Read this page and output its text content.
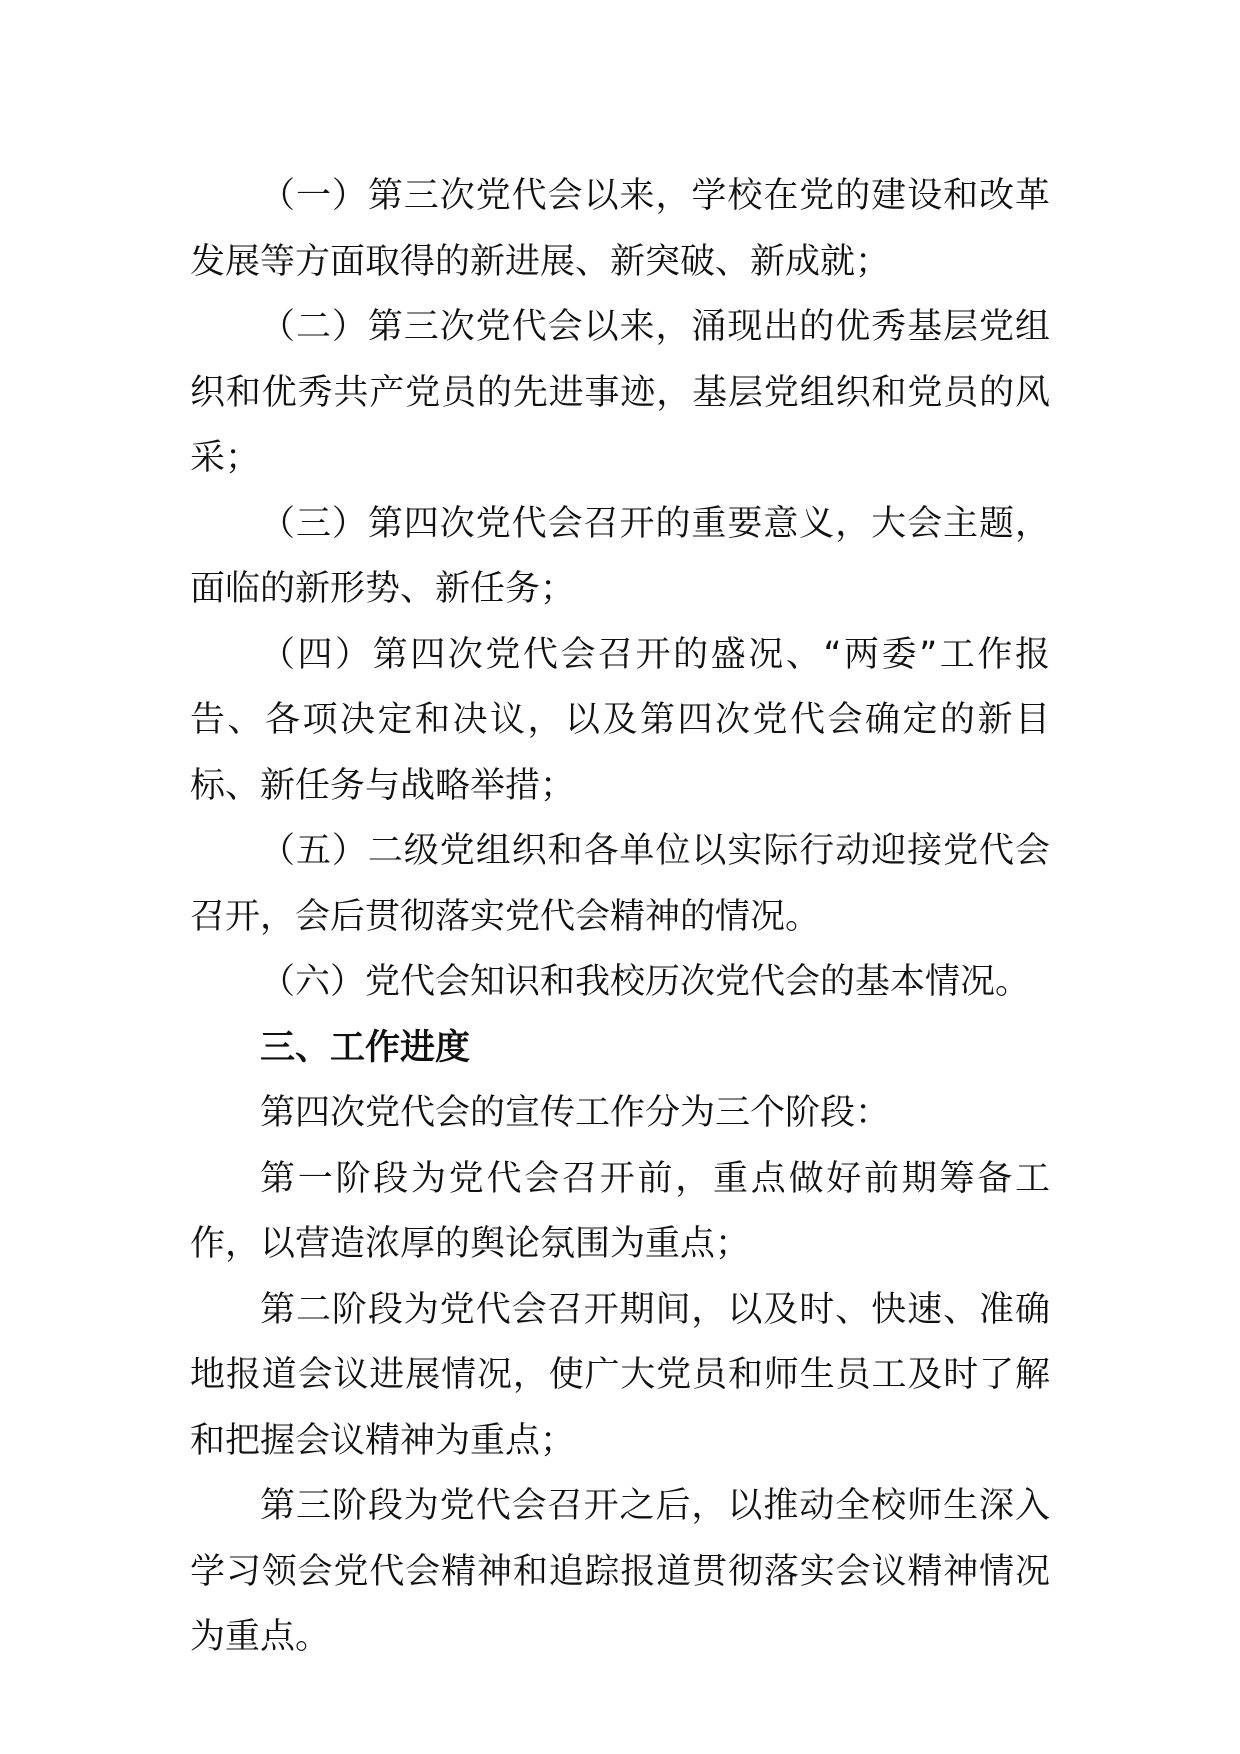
（一）第三次党代会以来，学校在党的建设和改革发展等方面取得的新进展、新突破、新成就；

（二）第三次党代会以来，涌现出的优秀基层党组织和优秀共产党员的先进事迹，基层党组织和党员的风采；

（三）第四次党代会召开的重要意义，大会主题，面临的新形势、新任务；

（四）第四次党代会召开的盛况、“两委”工作报告、各项决定和决议，以及第四次党代会确定的新目标、新任务与战略举措；

（五）二级党组织和各单位以实际行动迎接党代会召开，会后贯彻落实党代会精神的情况。

（六）党代会知识和我校历次党代会的基本情况。

三、工作进度

第四次党代会的宣传工作分为三个阶段：

第一阶段为党代会召开前，重点做好前期筹备工作，以营造浓厚的舆论氛围为重点；

第二阶段为党代会召开期间，以及时、快速、准确地报道会议进展情况，使广大党员和师生员工及时了解和把握会议精神为重点；

第三阶段为党代会召开之后，以推动全校师生深入学习领会党代会精神和追踪报道贯彻落实会议精神情况为重点。
